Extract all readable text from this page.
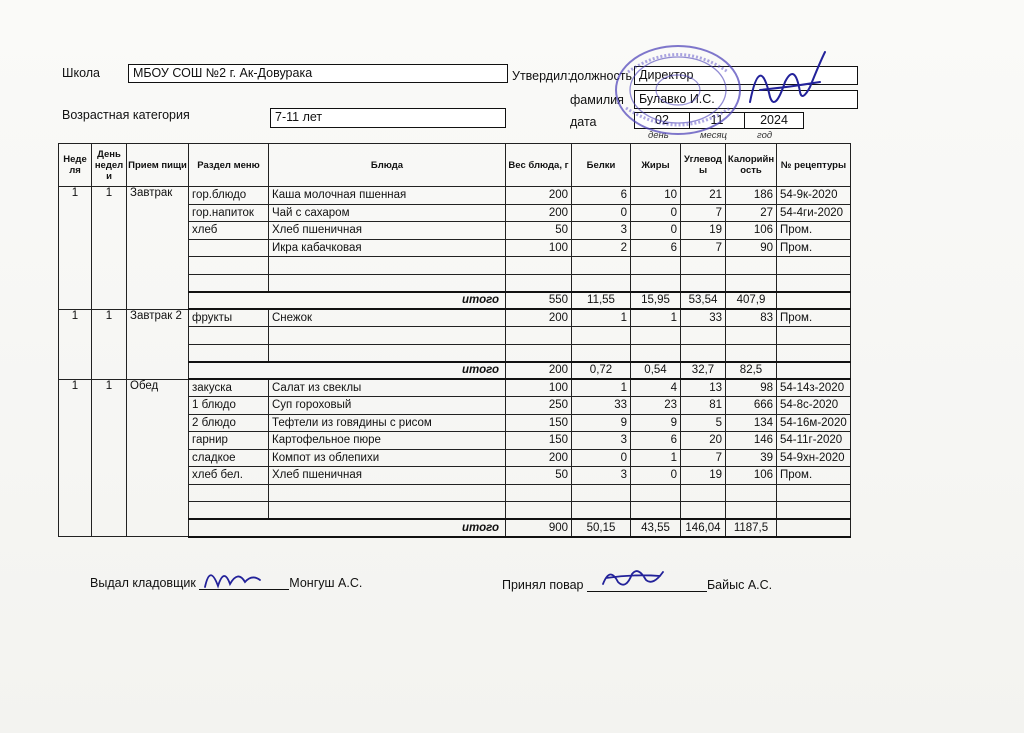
Школа	МБОУ СОШ №2 г. Ак-Довурака	Утвердил: должность Директор
фамилия	Булавко И.С.
Возрастная категория	7-11 лет	дата	02	11	2024
день	месяц	год
Неде ля	День недел и	Прием пищи	Раздел меню	Блюда	Вес блюда, г	Белки	Жиры	Углевод ы	Калорийн ость	№ рецептуры
1	1	Завтрак	гор.блюдо	Каша молочная пшенная	200	6	10	21	186	54-9к-2020
			гор.напиток	Чай с сахаром	200	0	0	7	27	54-4ги-2020
			хлеб	Хлеб пшеничная	50	3	0	19	106	Пром.
				Икра кабачковая	100	2	6	7	90	Пром.

			итого		550	11,55	15,95	53,54	407,9	
1	1	Завтрак 2	фрукты	Снежок	200	1	1	33	83	Пром.

			итого		200	0,72	0,54	32,7	82,5	
1	1	Обед	закуска	Салат из свеклы	100	1	4	13	98	54-14з-2020
			1 блюдо	Суп гороховый	250	33	23	81	666	54-8с-2020
			2 блюдо	Тефтели из говядины с рисом	150	9	9	5	134	54-16м-2020
			гарнир	Картофельное пюре	150	3	6	20	146	54-11г-2020
			сладкое	Компот из облепихи	200	0	1	7	39	54-9хн-2020
			хлеб бел.	Хлеб пшеничная	50	3	0	19	106	Пром.

			итого		900	50,15	43,55	146,04	1187,5	
Выдал кладовщик	Монгуш А.С.	Принял повар	Байыс А.С.
